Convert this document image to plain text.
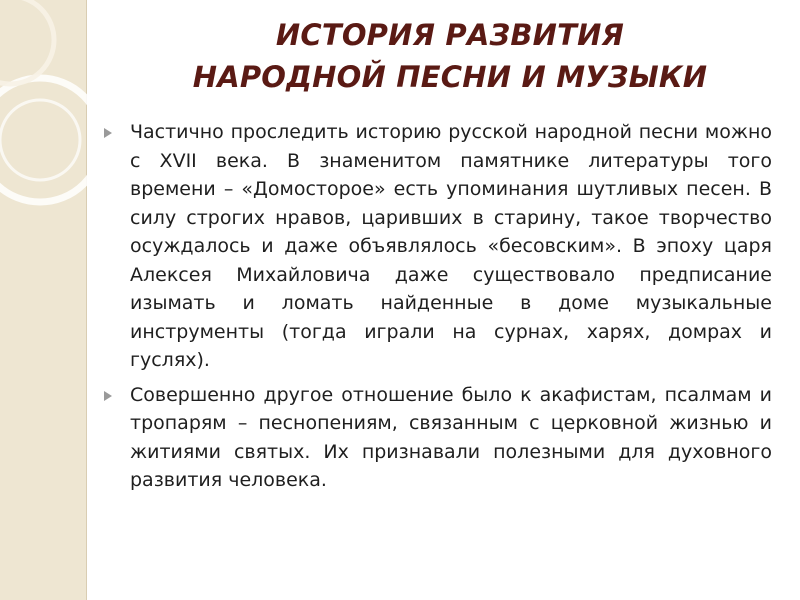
ИСТОРИЯ РАЗВИТИЯ
НАРОДНОЙ ПЕСНИ И МУЗЫКИ
Частично проследить историю русской народной песни можно с XVII века. В знаменитом памятнике литературы того времени – «Домосторое» есть упоминания шутливых песен. В силу строгих нравов, царивших в старину, такое творчество осуждалось и даже объявлялось «бесовским». В эпоху царя Алексея Михайловича даже существовало предписание изымать и ломать найденные в доме музыкальные инструменты (тогда играли на сурнах, харях, домрах и гуслях).
Совершенно другое отношение было к акафистам, псалмам и тропарям – песнопениям, связанным с церковной жизнью и житиями святых. Их признавали полезными для духовного развития человека.
